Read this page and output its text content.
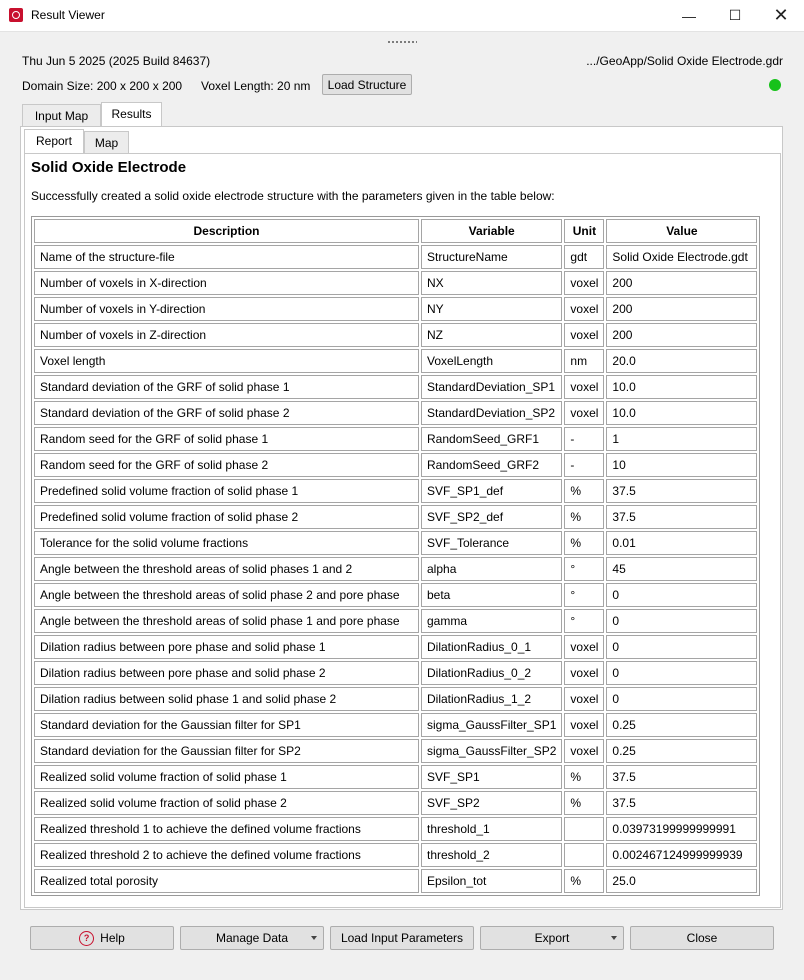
Result Viewer	—	☐	✕
Thu Jun 5 2025 (2025 Build 84637)	.../GeoApp/Solid Oxide Electrode.gdr
Domain Size: 200 x 200 x 200 Voxel Length: 20 nm	Load Structure
Input Map	Results
Report	Map
Solid Oxide Electrode
Successfully created a solid oxide electrode structure with the parameters given in the table below:
Description	Variable	Unit	Value
Name of the structure-file	StructureName	gdt	Solid Oxide Electrode.gdt
Number of voxels in X-direction	NX	voxel	200
Number of voxels in Y-direction	NY	voxel	200
Number of voxels in Z-direction	NZ	voxel	200
Voxel length	VoxelLength	nm	20.0
Standard deviation of the GRF of solid phase 1	StandardDeviation_SP1	voxel	10.0
Standard deviation of the GRF of solid phase 2	StandardDeviation_SP2	voxel	10.0
Random seed for the GRF of solid phase 1	RandomSeed_GRF1	-	1
Random seed for the GRF of solid phase 2	RandomSeed_GRF2	-	10
Predefined solid volume fraction of solid phase 1	SVF_SP1_def	%	37.5
Predefined solid volume fraction of solid phase 2	SVF_SP2_def	%	37.5
Tolerance for the solid volume fractions	SVF_Tolerance	%	0.01
Angle between the threshold areas of solid phases 1 and 2	alpha	°	45
Angle between the threshold areas of solid phase 2 and pore phase	beta	°	0
Angle between the threshold areas of solid phase 1 and pore phase	gamma	°	0
Dilation radius between pore phase and solid phase 1	DilationRadius_0_1	voxel	0
Dilation radius between pore phase and solid phase 2	DilationRadius_0_2	voxel	0
Dilation radius between solid phase 1 and solid phase 2	DilationRadius_1_2	voxel	0
Standard deviation for the Gaussian filter for SP1	sigma_GaussFilter_SP1	voxel	0.25
Standard deviation for the Gaussian filter for SP2	sigma_GaussFilter_SP2	voxel	0.25
Realized solid volume fraction of solid phase 1	SVF_SP1	%	37.5
Realized solid volume fraction of solid phase 2	SVF_SP2	%	37.5
Realized threshold 1 to achieve the defined volume fractions	threshold_1		0.03973199999999991
Realized threshold 2 to achieve the defined volume fractions	threshold_2		0.002467124999999939
Realized total porosity	Epsilon_tot	%	25.0
? Help	Manage Data	Load Input Parameters	Export	Close
